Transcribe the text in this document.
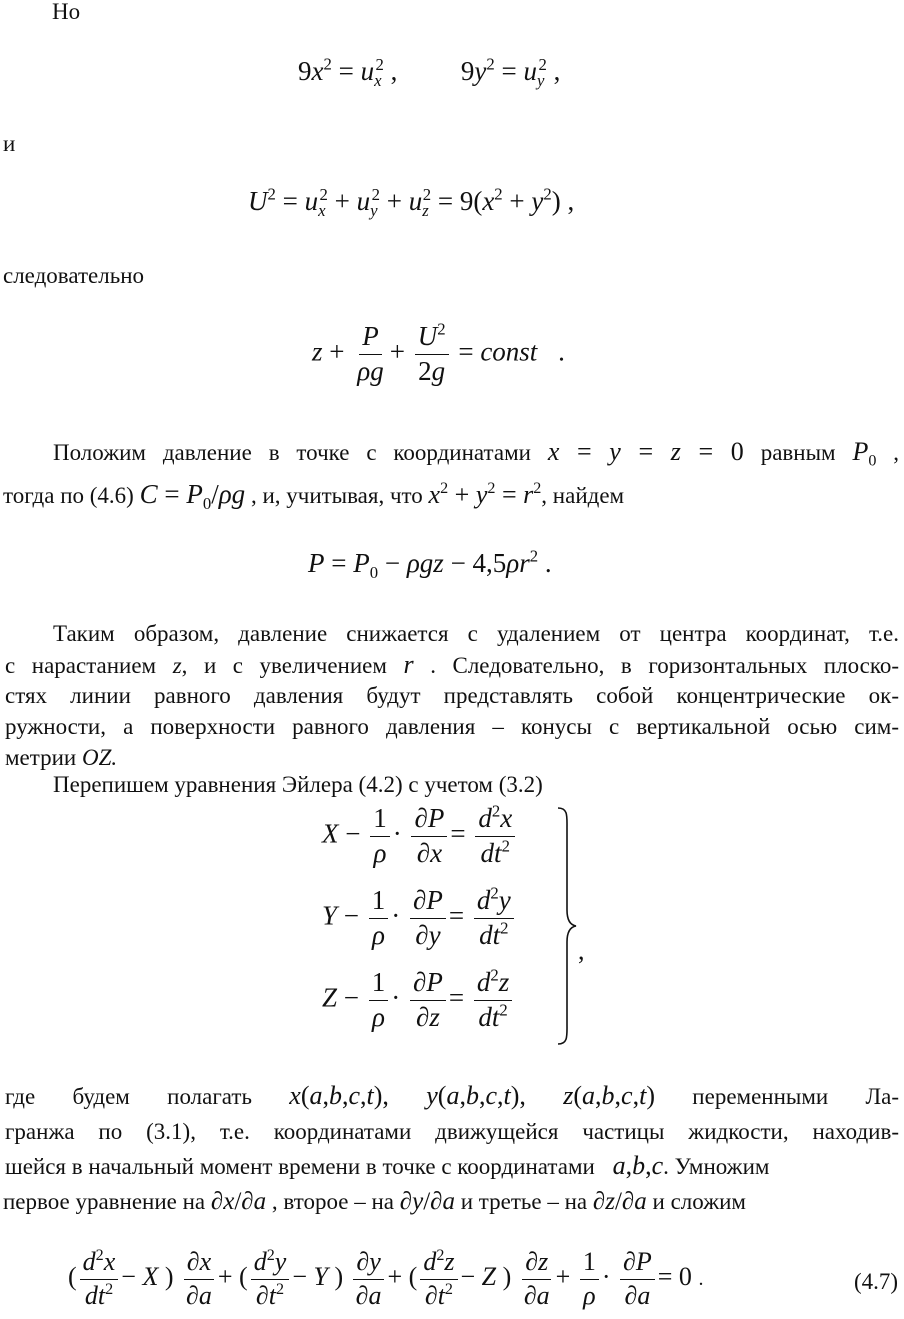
Но
$9x^2 = u_x^2$ ,  $9y^2 = u_y^2$ ,
и
$U^2 = u_x^2 + u_y^2 + u_z^2 = 9(x^2 + y^2)$ ,
следовательно
$z + \frac{P}{\rho g} + \frac{U^2}{2g}$ = const .
Положим давление в точке с координатами x = y = z = 0 равным $P_0$ ,
тогда по (4.6) $C = P_0/\rho g$ , и, учитывая, что $x^2 + y^2 = r^2$, найдем
$P = P_0 - \rho gz - 4,5\rho r^2$ .
Таким образом, давление снижается с удалением от центра координат, т.е.
с нарастанием z, и с увеличением r . Следовательно, в горизонтальных плоско-
стях линии равного давления будут представлять собой концентрические ок-
ружности, а поверхности равного давления – конусы с вертикальной осью сим-
метрии OZ.
Перепишем уравнения Эйлера (4.2) с учетом (3.2)
$X - \frac{1}{\rho} \cdot \frac{\partial P}{\partial x} = \frac{d^2x}{dt^2}$
$Y - \frac{1}{\rho} \cdot \frac{\partial P}{\partial y} = \frac{d^2y}{dt^2}$
$Z - \frac{1}{\rho} \cdot \frac{\partial P}{\partial z} = \frac{d^2z}{dt^2}$
,
где будем полагать x(a,b,c,t), y(a,b,c,t), z(a,b,c,t) переменными Ла-
гранжа по (3.1), т.е. координатами движущейся частицы жидкости, находив-
шейся в начальный момент времени в точке с координатами a,b,c. Умножим
первое уравнение на ∂x/∂a , второе – на ∂y/∂a и третье – на ∂z/∂a и сложим
( $\frac{d^2x}{dt^2} - X$ ) $\frac{\partial x}{\partial a}$ + ( $\frac{d^2y}{\partial t^2} - Y$ ) $\frac{\partial y}{\partial a}$ + ( $\frac{d^2z}{\partial t^2} - Z$ ) $\frac{\partial z}{\partial a} + \frac{1}{\rho} \cdot \frac{\partial P}{\partial a} = 0$ .	(4.7)
